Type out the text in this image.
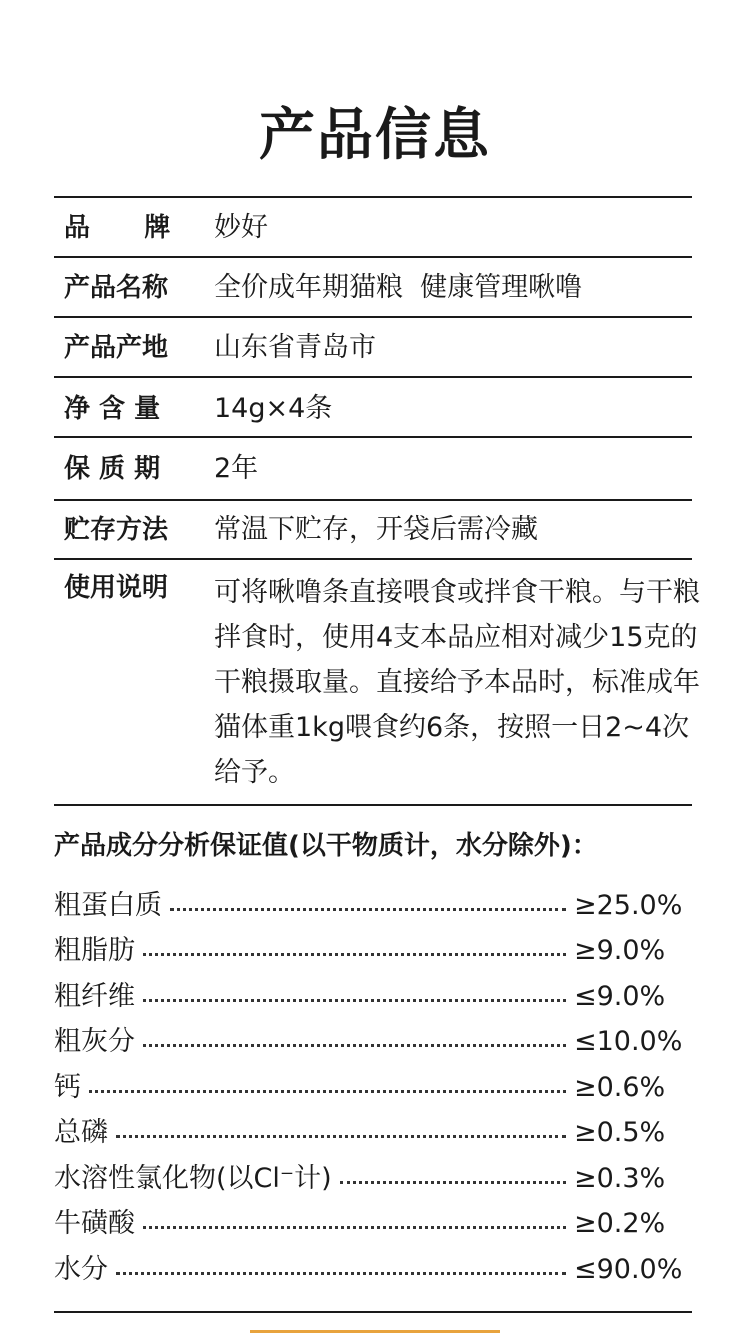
产品信息
品      牌 妙好
产品名称 全价成年期猫粮  健康管理啾噜
产品产地 山东省青岛市
净 含 量 14g×4条
保 质 期 2年
贮存方法 常温下贮存，开袋后需冷藏
使用说明 可将啾噜条直接喂食或拌食干粮。与干粮拌食时，使用4支本品应相对减少15克的干粮摄取量。直接给予本品时，标准成年猫体重1kg喂食约6条，按照一日2~4次给予。
产品成分分析保证值(以干物质计，水分除外)：
粗蛋白质	≥25.0%
粗脂肪	≥9.0%
粗纤维	≤9.0%
粗灰分	≤10.0%
钙	≥0.6%
总磷	≥0.5%
水溶性氯化物(以Cl⁻计)	≥0.3%
牛磺酸	≥0.2%
水分	≤90.0%
